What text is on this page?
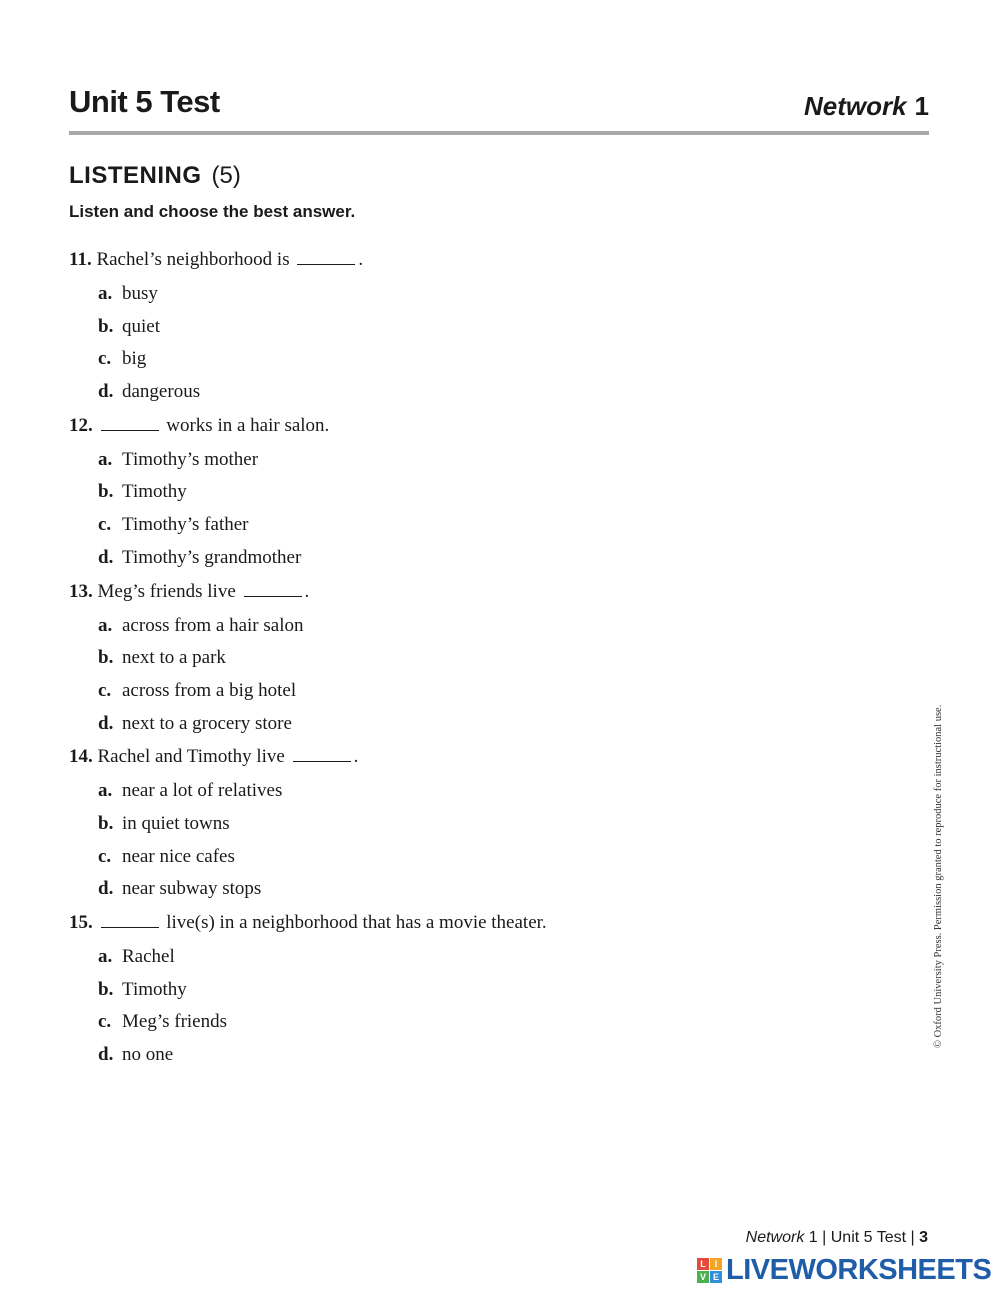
Unit 5 Test	Network 1
LISTENING (5)
Listen and choose the best answer.
11. Rachel’s neighborhood is	.
a. busy
b. quiet
c. big
d. dangerous
12.	works in a hair salon.
a. Timothy’s mother
b. Timothy
c. Timothy’s father
d. Timothy’s grandmother
13. Meg’s friends live	.
a. across from a hair salon
b. next to a park
c. across from a big hotel
d. next to a grocery store
14. Rachel and Timothy live	.
a. near a lot of relatives
b. in quiet towns
c. near nice cafes
d. near subway stops
15.	live(s) in a neighborhood that has a movie theater.
a. Rachel
b. Timothy
c. Meg’s friends
d. no one
© Oxford University Press. Permission granted to reproduce for instructional use.
Network 1 | Unit 5 Test | 3
L I
V E LIVEWORKSHEETS
